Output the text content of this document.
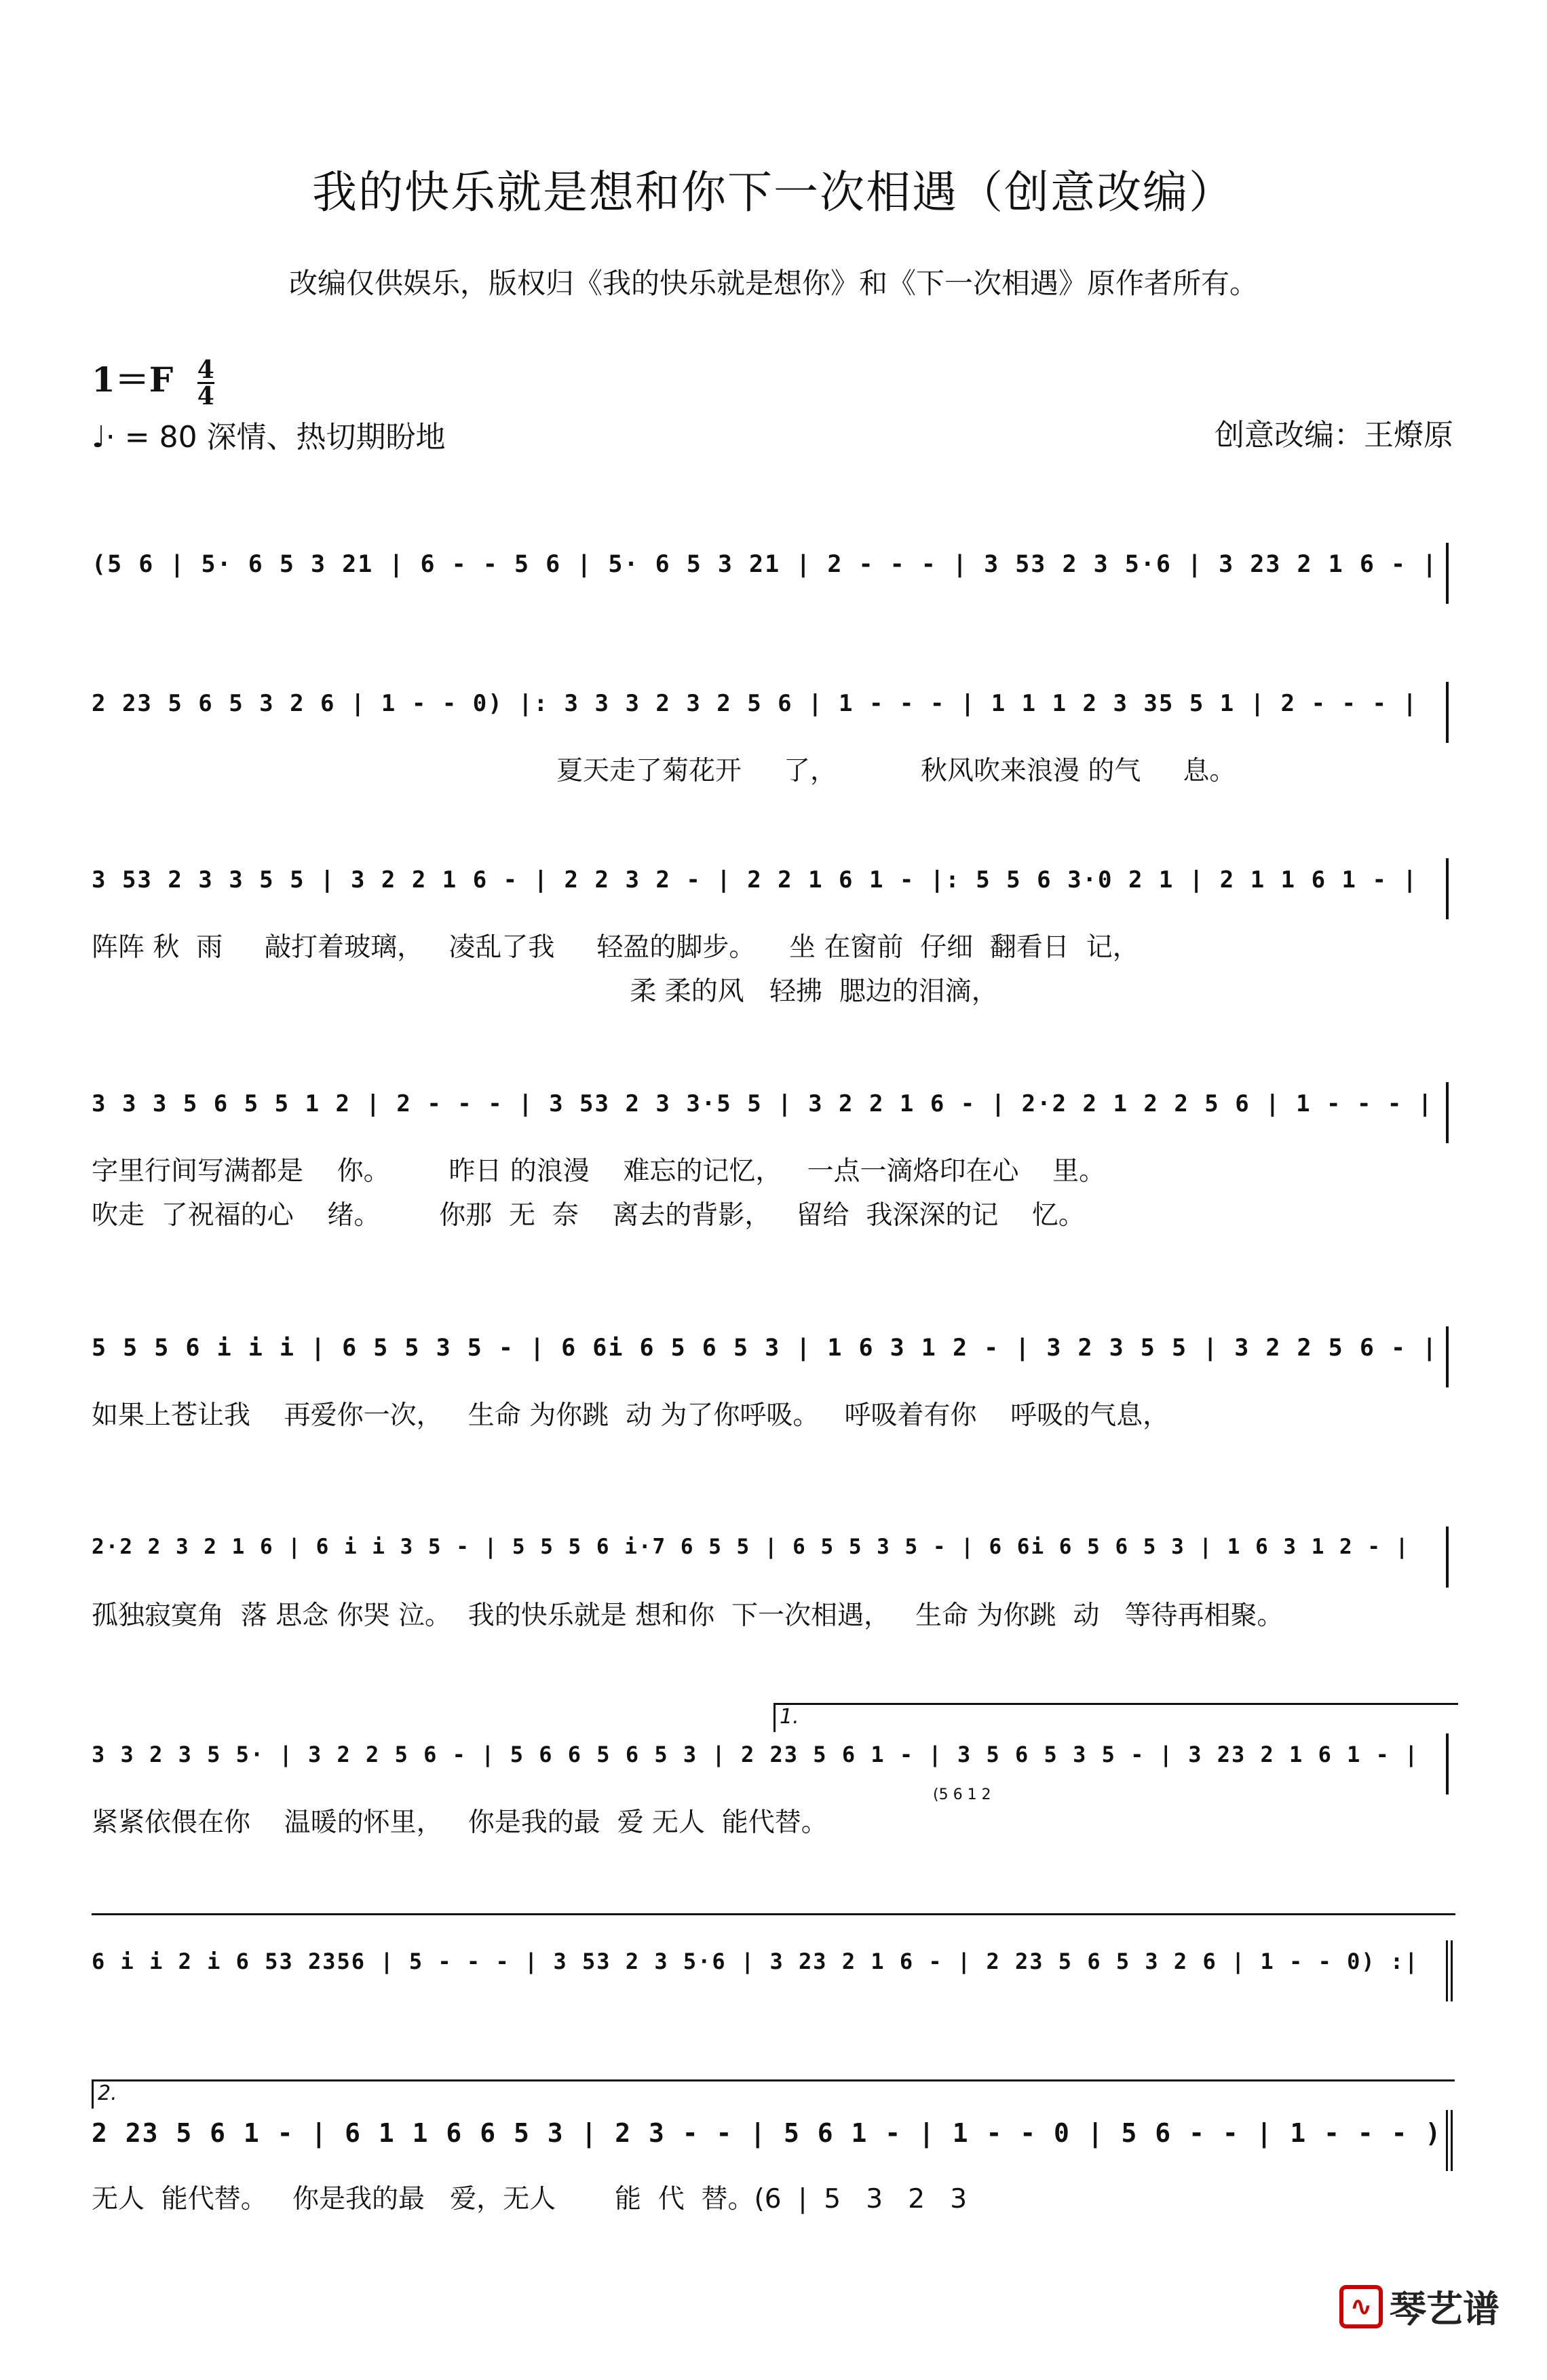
我的快乐就是想和你下一次相遇（创意改编）
改编仅供娱乐，版权归《我的快乐就是想你》和《下一次相遇》原作者所有。
$1=F \frac{4}{4}$
♩· = 80 深情、热切期盼地	创意改编：王燎原
(5 6 | 5· 6 5 3 21 | 6 - - 5 6 | 5· 6 5 3 21 | 2 - - - | 3 53 2 3 5·6 | 3 23 2 1 6 - |
2 23 5 6 5 3 2 6 | 1 - - 0) |: 3 3 3 2 3 2 5 6 | 1 - - - | 1 1 1 2 3 35 5 1 | 2 - - - |
夏天走了菊花开     了，          秋风吹来浪漫 的气     息。
3 53 2 3 3 5 5 | 3 2 2 1 6 - | 2 2 3 2 - | 2 2 1 6 1 - |: 5 5 6 3·0 2 1 | 2 1 1 6 1 - |
阵阵 秋  雨     敲打着玻璃，   凌乱了我     轻盈的脚步。    坐 在窗前  仔细  翻看日  记，
柔 柔的风   轻拂  腮边的泪滴，
3 3 3 5 6 5 5 1 2 | 2 - - - | 3 53 2 3 3·5 5 | 3 2 2 1 6 - | 2·2 2 1 2 2 5 6 | 1 - - - |
字里行间写满都是    你。       昨日 的浪漫    难忘的记忆，   一点一滴烙印在心    里。
吹走  了祝福的心    绪。       你那  无  奈    离去的背影，   留给  我深深的记    忆。
5 5 5 6 i i i | 6 5 5 3 5 - | 6 6i 6 5 6 5 3 | 1 6 3 1 2 - | 3 2 3 5 5 | 3 2 2 5 6 - |
如果上苍让我    再爱你一次，   生命 为你跳  动 为了你呼吸。   呼吸着有你    呼吸的气息，
2·2 2 3 2 1 6 | 6 i i 3 5 - | 5 5 5 6 i·7 6 5 5 | 6 5 5 3 5 - | 6 6i 6 5 6 5 3 | 1 6 3 1 2 - |
孤独寂寞角  落 思念 你哭 泣。  我的快乐就是 想和你  下一次相遇，   生命 为你跳  动   等待再相聚。
1.
3 3 2 3 5 5· | 3 2 2 5 6 - | 5 6 6 5 6 5 3 | 2 23 5 6 1 - | 3 5 6 5 3 5 - | 3 23 2 1 6 1 - |
(5 6 1 2
紧紧依偎在你    温暖的怀里，   你是我的最  爱 无人  能代替。
6 i i 2 i 6 53 2356 | 5 - - - | 3 53 2 3 5·6 | 3 23 2 1 6 - | 2 23 5 6 5 3 2 6 | 1 - - 0) :|
2.
2 23 5 6 1 - | 6 1 1 6 6 5 3 | 2 3 - - | 5 6 1 - | 1 - - 0 | 5 6 - - | 1 - - - )
无人  能代替。   你是我的最   爱，无人       能  代  替。(6  |  5   3   2   3
∿ 琴艺谱
